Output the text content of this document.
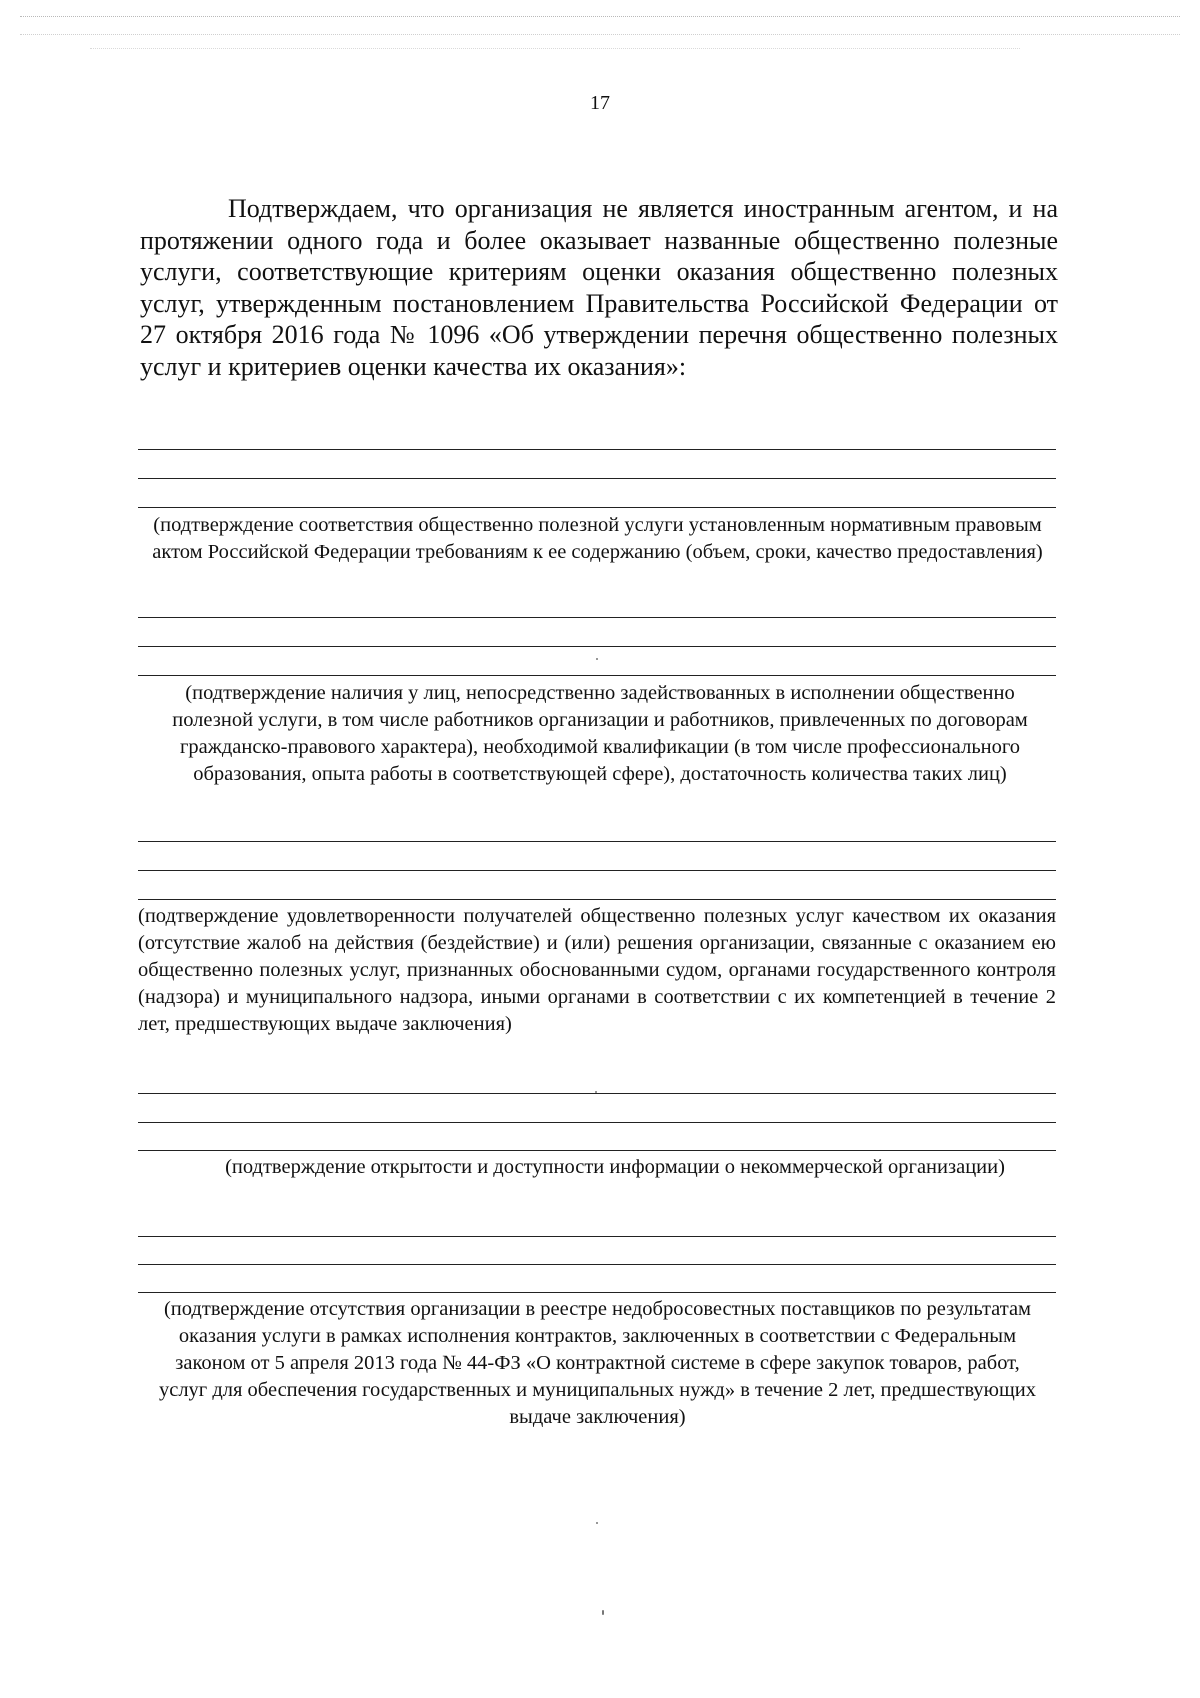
17

Подтверждаем, что организация не является иностранным агентом, и на протяжении одного года и более оказывает названные общественно полезные услуги, соответствующие критериям оценки оказания общественно полезных услуг, утвержденным постановлением Правительства Российской Федерации от 27 октября 2016 года № 1096 «Об утверждении перечня общественно полезных услуг и критериев оценки качества их оказания»:

(подтверждение соответствия общественно полезной услуги установленным нормативным правовым актом Российской Федерации требованиям к ее содержанию (объем, сроки, качество предоставления)

(подтверждение наличия у лиц, непосредственно задействованных в исполнении общественно полезной услуги, в том числе работников организации и работников, привлеченных по договорам гражданско-правового характера), необходимой квалификации (в том числе профессионального образования, опыта работы в соответствующей сфере), достаточность количества таких лиц)

(подтверждение удовлетворенности получателей общественно полезных услуг качеством их оказания (отсутствие жалоб на действия (бездействие) и (или) решения организации, связанные с оказанием ею общественно полезных услуг, признанных обоснованными судом, органами государственного контроля (надзора) и муниципального надзора, иными органами в соответствии с их компетенцией в течение 2 лет, предшествующих выдаче заключения)

(подтверждение открытости и доступности информации о некоммерческой организации)

(подтверждение отсутствия организации в реестре недобросовестных поставщиков по результатам оказания услуги в рамках исполнения контрактов, заключенных в соответствии с Федеральным законом от 5 апреля 2013 года № 44-ФЗ «О контрактной системе в сфере закупок товаров, работ, услуг для обеспечения государственных и муниципальных нужд» в течение 2 лет, предшествующих выдаче заключения)
